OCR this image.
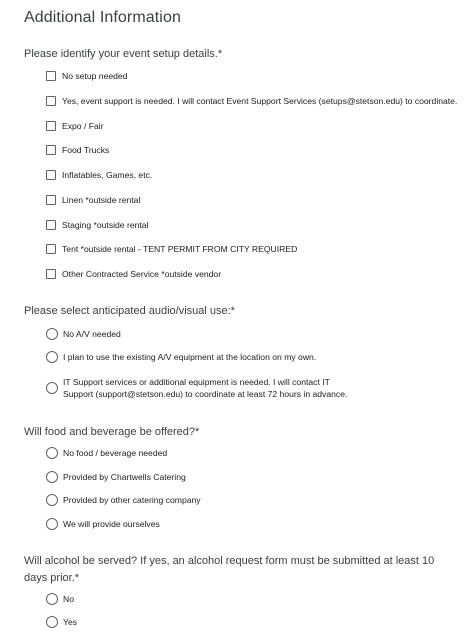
Additional Information
Please identify your event setup details.*
No setup needed
Yes, event support is needed. I will contact Event Support Services (setups@stetson.edu) to coordinate.
Expo / Fair
Food Trucks
Inflatables, Games, etc.
Linen *outside rental
Staging *outside rental
Tent *outside rental - TENT PERMIT FROM CITY REQUIRED
Other Contracted Service *outside vendor
Please select anticipated audio/visual use:*
No A/V needed
I plan to use the existing A/V equipment at the location on my own.
IT Support services or additional equipment is needed. I will contact IT Support (support@stetson.edu) to coordinate at least 72 hours in advance.
Will food and beverage be offered?*
No food / beverage needed
Provided by Chartwells Catering
Provided by other catering company
We will provide ourselves
Will alcohol be served? If yes, an alcohol request form must be submitted at least 10 days prior.*
No
Yes
